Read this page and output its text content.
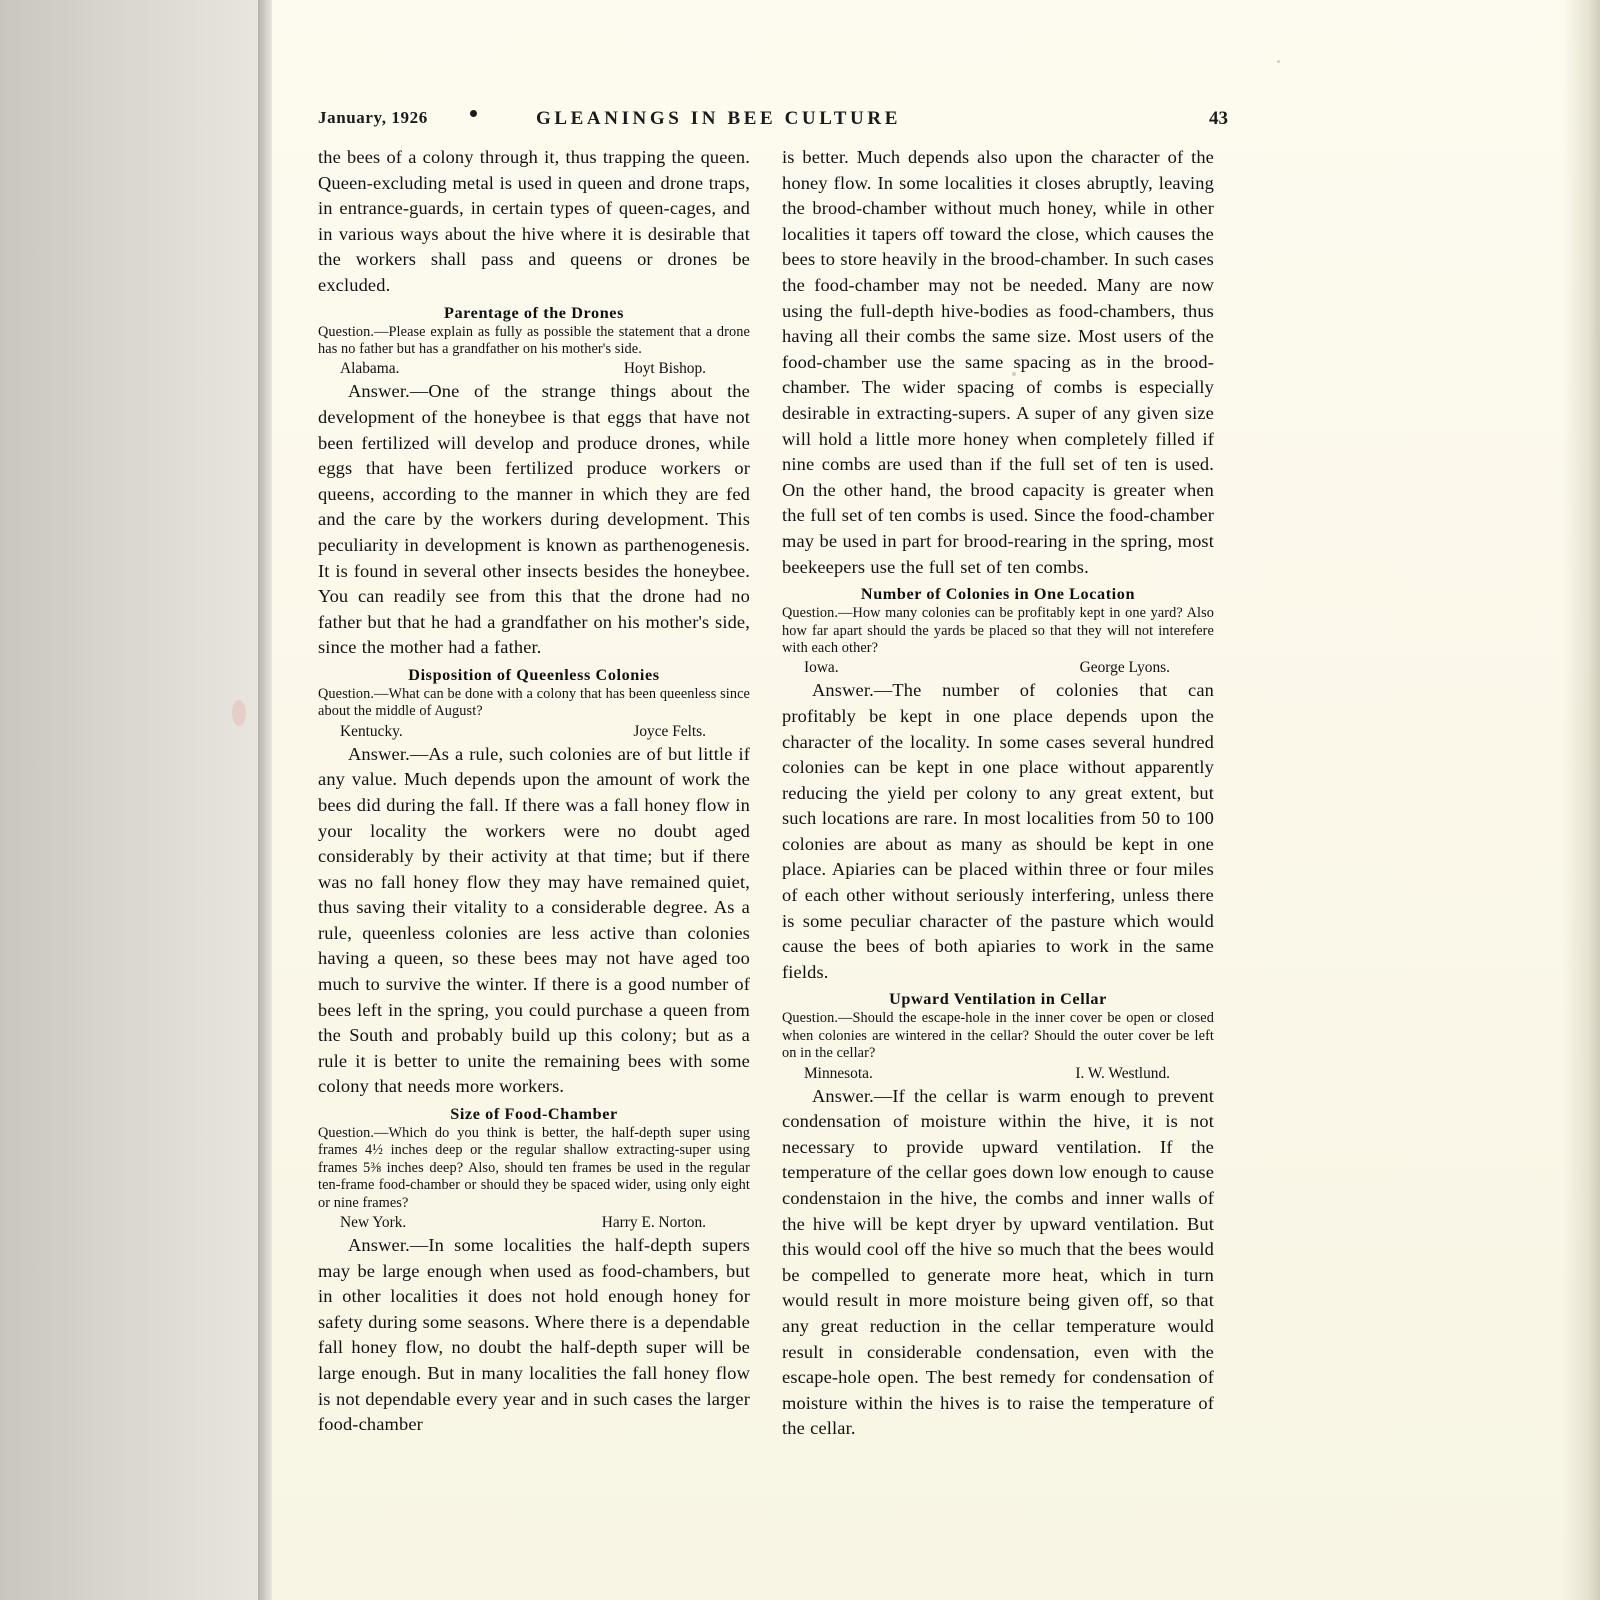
January, 1926	GLEANINGS IN BEE CULTURE	43

the bees of a colony through it, thus trapping the queen. Queen-excluding metal is used in queen and drone traps, in entrance-guards, in certain types of queen-cages, and in various ways about the hive where it is desirable that the workers shall pass and queens or drones be excluded.

Parentage of the Drones

Question.—Please explain as fully as possible the statement that a drone has no father but has a grandfather on his mother's side.

Alabama.	Hoyt Bishop.

Answer.—One of the strange things about the development of the honeybee is that eggs that have not been fertilized will develop and produce drones, while eggs that have been fertilized produce workers or queens, according to the manner in which they are fed and the care by the workers during development. This peculiarity in development is known as parthenogenesis. It is found in several other insects besides the honeybee. You can readily see from this that the drone had no father but that he had a grandfather on his mother's side, since the mother had a father.

Disposition of Queenless Colonies

Question.—What can be done with a colony that has been queenless since about the middle of August?

Kentucky.	Joyce Felts.

Answer.—As a rule, such colonies are of but little if any value. Much depends upon the amount of work the bees did during the fall. If there was a fall honey flow in your locality the workers were no doubt aged considerably by their activity at that time; but if there was no fall honey flow they may have remained quiet, thus saving their vitality to a considerable degree. As a rule, queenless colonies are less active than colonies having a queen, so these bees may not have aged too much to survive the winter. If there is a good number of bees left in the spring, you could purchase a queen from the South and probably build up this colony; but as a rule it is better to unite the remaining bees with some colony that needs more workers.

Size of Food-Chamber

Question.—Which do you think is better, the half-depth super using frames 4½ inches deep or the regular shallow extracting-super using frames 5⅜ inches deep? Also, should ten frames be used in the regular ten-frame food-chamber or should they be spaced wider, using only eight or nine frames?

New York.	Harry E. Norton.

Answer.—In some localities the half-depth supers may be large enough when used as food-chambers, but in other localities it does not hold enough honey for safety during some seasons. Where there is a dependable fall honey flow, no doubt the half-depth super will be large enough. But in many localities the fall honey flow is not dependable every year and in such cases the larger food-chamber

is better. Much depends also upon the character of the honey flow. In some localities it closes abruptly, leaving the brood-chamber without much honey, while in other localities it tapers off toward the close, which causes the bees to store heavily in the brood-chamber. In such cases the food-chamber may not be needed. Many are now using the full-depth hive-bodies as food-chambers, thus having all their combs the same size. Most users of the food-chamber use the same spacing as in the brood-chamber. The wider spacing of combs is especially desirable in extracting-supers. A super of any given size will hold a little more honey when completely filled if nine combs are used than if the full set of ten is used. On the other hand, the brood capacity is greater when the full set of ten combs is used. Since the food-chamber may be used in part for brood-rearing in the spring, most beekeepers use the full set of ten combs.

Number of Colonies in One Location

Question.—How many colonies can be profitably kept in one yard? Also how far apart should the yards be placed so that they will not interefere with each other?

Iowa.	George Lyons.

Answer.—The number of colonies that can profitably be kept in one place depends upon the character of the locality. In some cases several hundred colonies can be kept in one place without apparently reducing the yield per colony to any great extent, but such locations are rare. In most localities from 50 to 100 colonies are about as many as should be kept in one place. Apiaries can be placed within three or four miles of each other without seriously interfering, unless there is some peculiar character of the pasture which would cause the bees of both apiaries to work in the same fields.

Upward Ventilation in Cellar

Question.—Should the escape-hole in the inner cover be open or closed when colonies are wintered in the cellar? Should the outer cover be left on in the cellar?

Minnesota.	I. W. Westlund.

Answer.—If the cellar is warm enough to prevent condensation of moisture within the hive, it is not necessary to provide upward ventilation. If the temperature of the cellar goes down low enough to cause condenstaion in the hive, the combs and inner walls of the hive will be kept dryer by upward ventilation. But this would cool off the hive so much that the bees would be compelled to generate more heat, which in turn would result in more moisture being given off, so that any great reduction in the cellar temperature would result in considerable condensation, even with the escape-hole open. The best remedy for condensation of moisture within the hives is to raise the temperature of the cellar.
